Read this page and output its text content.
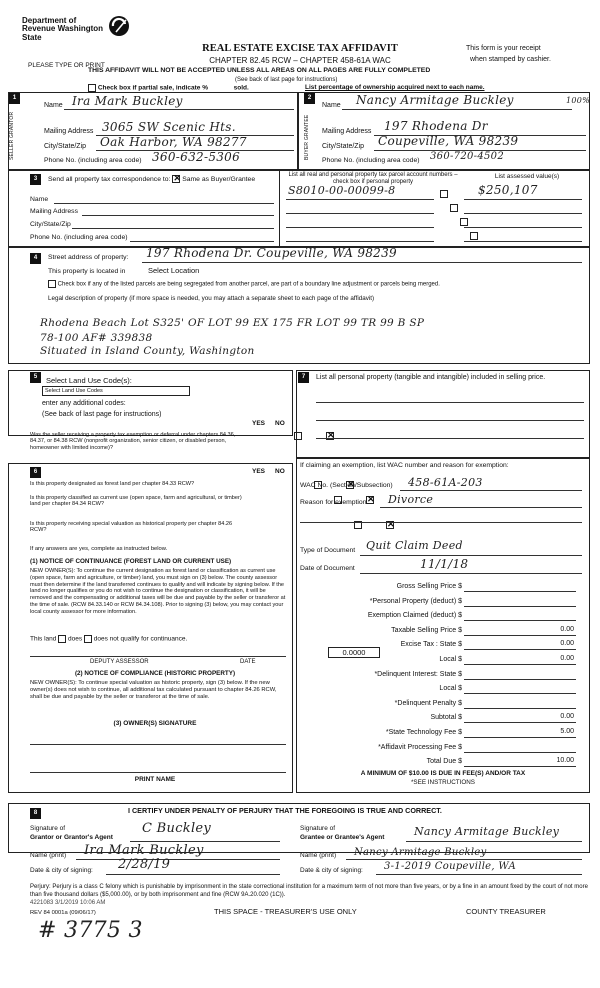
Department of Revenue Washington State
PLEASE TYPE OR PRINT
REAL ESTATE EXCISE TAX AFFIDAVIT
CHAPTER 82.45 RCW – CHAPTER 458-61A WAC
THIS AFFIDAVIT WILL NOT BE ACCEPTED UNLESS ALL AREAS ON ALL PAGES ARE FULLY COMPLETED
This form is your receipt
when stamped by cashier.
(See back of last page for instructions)
Check box if partial sale, indicate %	sold.	List percentage of ownership acquired next to each name.
1
SELLER GRANTOR
Name Ira Mark Buckley
Mailing Address 3065 SW Scenic Hts.
City/State/Zip Oak Harbor, WA 98277
Phone No. (including area code) 360-632-5306
2
BUYER GRANTEE
Name Nancy Armitage Buckley	100%
Mailing Address 197 Rhodena Dr
City/State/Zip Coupeville, WA 98239
Phone No. (including area code) 360-720-4502
3	Send all property tax correspondence to: ✕ Same as Buyer/Grantee
Name
Mailing Address
City/State/Zip
Phone No. (including area code)
List all real and personal property tax parcel account numbers – check box if personal property
List assessed value(s)
S8010-00-00099-8	$250,107

4	Street address of property: 197 Rhodena Dr. Coupeville, WA 98239
This property is located in	Select Location
Check box if any of the listed parcels are being segregated from another parcel, are part of a boundary line adjustment or parcels being merged.
Legal description of property (if more space is needed, you may attach a separate sheet to each page of the affidavit)
Rhodena Beach Lot S325' OF LOT 99 EX 175 FR LOT 99 TR 99 B SP
78-100 AF# 339838
Situated in Island County, Washington
5	Select Land Use Code(s):
Select Land Use Codes
enter any additional codes:
(See back of last page for instructions)
YES NO
Was the seller receiving a property tax exemption or deferral under chapters 84.36, 84.37, or 84.38 RCW (nonprofit organization, senior citizen, or disabled person, homeowner with limited income)?
✕
7	List all personal property (tangible and intangible) included in selling price.
6	YES NO
Is this property designated as forest land per chapter 84.33 RCW?
✕
Is this property classified as current use (open space, farm and agricultural, or timber) land per chapter 84.34 RCW?
✕
Is this property receiving special valuation as historical property per chapter 84.26 RCW?
✕
If any answers are yes, complete as instructed below.
(1) NOTICE OF CONTINUANCE (FOREST LAND OR CURRENT USE)
NEW OWNER(S): To continue the current designation as forest land or classification as current use (open space, farm and agriculture, or timber) land, you must sign on (3) below. The county assessor must then determine if the land transferred continues to qualify and will indicate by signing below. If the land no longer qualifies or you do not wish to continue the designation or classification, it will be removed and the compensating or additional taxes will be due and payable by the seller or transferor at the time of sale. (RCW 84.33.140 or RCW 84.34.108). Prior to signing (3) below, you may contact your local county assessor for more information.
This land does does not qualify for continuance.
DEPUTY ASSESSOR	DATE
(2) NOTICE OF COMPLIANCE (HISTORIC PROPERTY)
NEW OWNER(S): To continue special valuation as historic property, sign (3) below. If the new owner(s) does not wish to continue, all additional tax calculated pursuant to chapter 84.26 RCW, shall be due and payable by the seller or transferor at the time of sale.
(3) OWNER(S) SIGNATURE
PRINT NAME
If claiming an exemption, list WAC number and reason for exemption:
WAC No. (Section/Subsection) 458-61A-203
Reason for exemption Divorce
Type of Document Quit Claim Deed
Date of Document	11/1/18
Gross Selling Price $
*Personal Property (deduct) $
Exemption Claimed (deduct) $
Taxable Selling Price $	0.00
Excise Tax : State $	0.00
Local $	0.00
*Delinquent Interest: State $
Local $
*Delinquent Penalty $
Subtotal $	0.00
*State Technology Fee $	5.00
*Affidavit Processing Fee $
Total Due $	10.00
0.0000
A MINIMUM OF $10.00 IS DUE IN FEE(S) AND/OR TAX
*SEE INSTRUCTIONS
8	I CERTIFY UNDER PENALTY OF PERJURY THAT THE FOREGOING IS TRUE AND CORRECT.
Signature of
Grantor or Grantor's Agent
C Buckley	Signature of
Grantee or Grantee's Agent	Nancy Armitage Buckley
Name (print) Ira Mark Buckley
Date & city of signing: 2/28/19
Name (print) Nancy Armitage Buckley
Date & city of signing: 3-1-2019 Coupeville, WA
Perjury: Perjury is a class C felony which is punishable by imprisonment in the state correctional institution for a maximum term of not more than five years, or by a fine in an amount fixed by the court of not more than five thousand dollars ($5,000.00), or by both imprisonment and fine (RCW 9A.20.020 (1C)).
4221083 3/1/2019 10:06 AM
REV 84 0001a (09/06/17)	THIS SPACE - TREASURER'S USE ONLY	COUNTY TREASURER
# 3775 3
